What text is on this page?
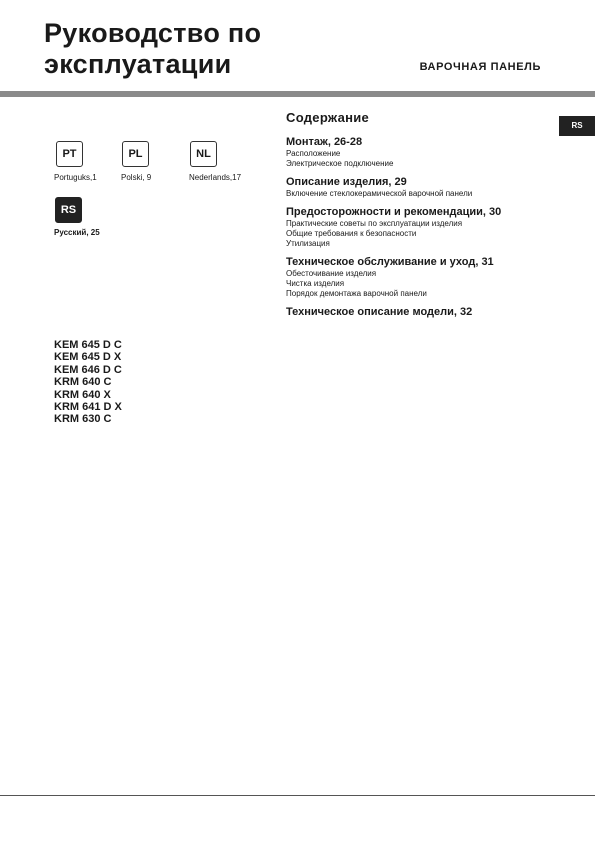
Руководство по
эксплуатации	ВАРОЧНАЯ ПАНЕЛЬ
PT
Portuguks,1
PL
Polski, 9
NL
Nederlands,17
RS
Русский, 25
KEM 645 D C
KEM 645 D X
KEM 646 D C
KRM 640 C
KRM 640 X
KRM 641 D X
KRM 630 C
Содержание
Монтаж, 26-28
Расположение
Электрическое подключение
Описание изделия, 29
Включение стеклокерамической варочной панели
Предосторожности и рекомендации, 30
Практические советы по эксплуатации изделия
Общие требования к безопасности
Утилизация
Техническое обслуживание и уход, 31
Обесточивание изделия
Чистка изделия
Порядок демонтажа варочной панели
Техническое описание модели, 32
RS
